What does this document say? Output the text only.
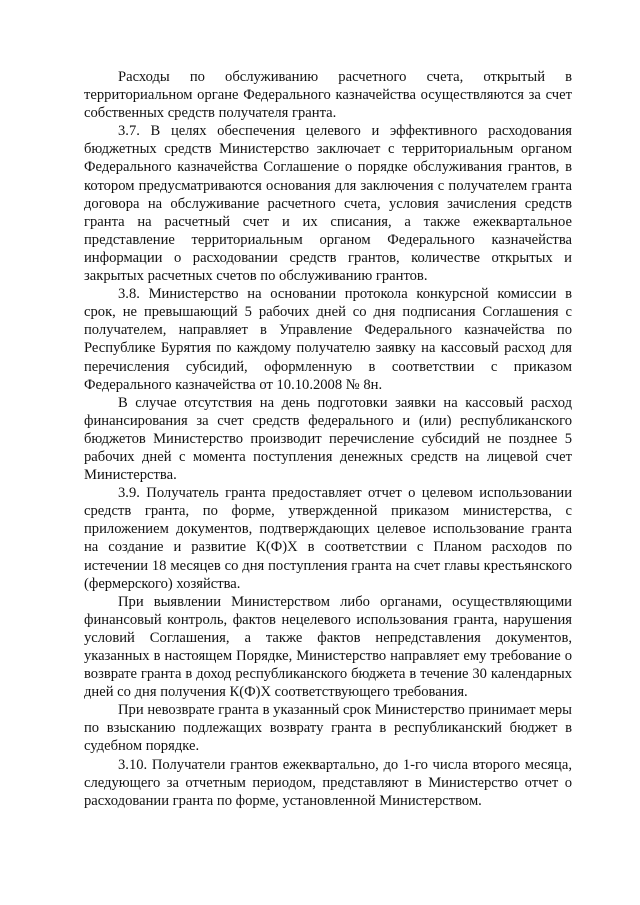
Расходы по обслуживанию расчетного счета, открытый в территориальном органе Федерального казначейства осуществляются за счет собственных средств получателя гранта.

3.7. В целях обеспечения целевого и эффективного расходования бюджетных средств Министерство заключает с территориальным органом Федерального казначейства Соглашение о порядке обслуживания грантов, в котором предусматриваются основания для заключения с получателем гранта договора на обслуживание расчетного счета, условия зачисления средств гранта на расчетный счет и их списания, а также ежеквартальное представление территориальным органом Федерального казначейства информации о расходовании средств грантов, количестве открытых и закрытых расчетных счетов по обслуживанию грантов.

3.8. Министерство на основании протокола конкурсной комиссии в срок, не превышающий 5 рабочих дней со дня подписания Соглашения с получателем, направляет в Управление Федерального казначейства по Республике Бурятия по каждому получателю заявку на кассовый расход для перечисления субсидий, оформленную в соответствии с приказом Федерального казначейства от 10.10.2008 № 8н.

В случае отсутствия на день подготовки заявки на кассовый расход финансирования за счет средств федерального и (или) республиканского бюджетов Министерство производит перечисление субсидий не позднее 5 рабочих дней с момента поступления денежных средств на лицевой счет Министерства.

3.9. Получатель гранта предоставляет отчет о целевом использовании средств гранта, по форме, утвержденной приказом министерства, с приложением документов, подтверждающих целевое использование гранта на создание и развитие К(Ф)Х в соответствии с Планом расходов по истечении 18 месяцев со дня поступления гранта на счет главы крестьянского (фермерского) хозяйства.

При выявлении Министерством либо органами, осуществляющими финансовый контроль, фактов нецелевого использования гранта, нарушения условий Соглашения, а также фактов непредставления документов, указанных в настоящем Порядке, Министерство направляет ему требование о возврате гранта в доход республиканского бюджета в течение 30 календарных дней со дня получения К(Ф)Х соответствующего требования.

При невозврате гранта в указанный срок Министерство принимает меры по взысканию подлежащих возврату гранта в республиканский бюджет в судебном порядке.

3.10. Получатели грантов ежеквартально, до 1-го числа второго месяца, следующего за отчетным периодом, представляют в Министерство отчет о расходовании гранта по форме, установленной Министерством.
